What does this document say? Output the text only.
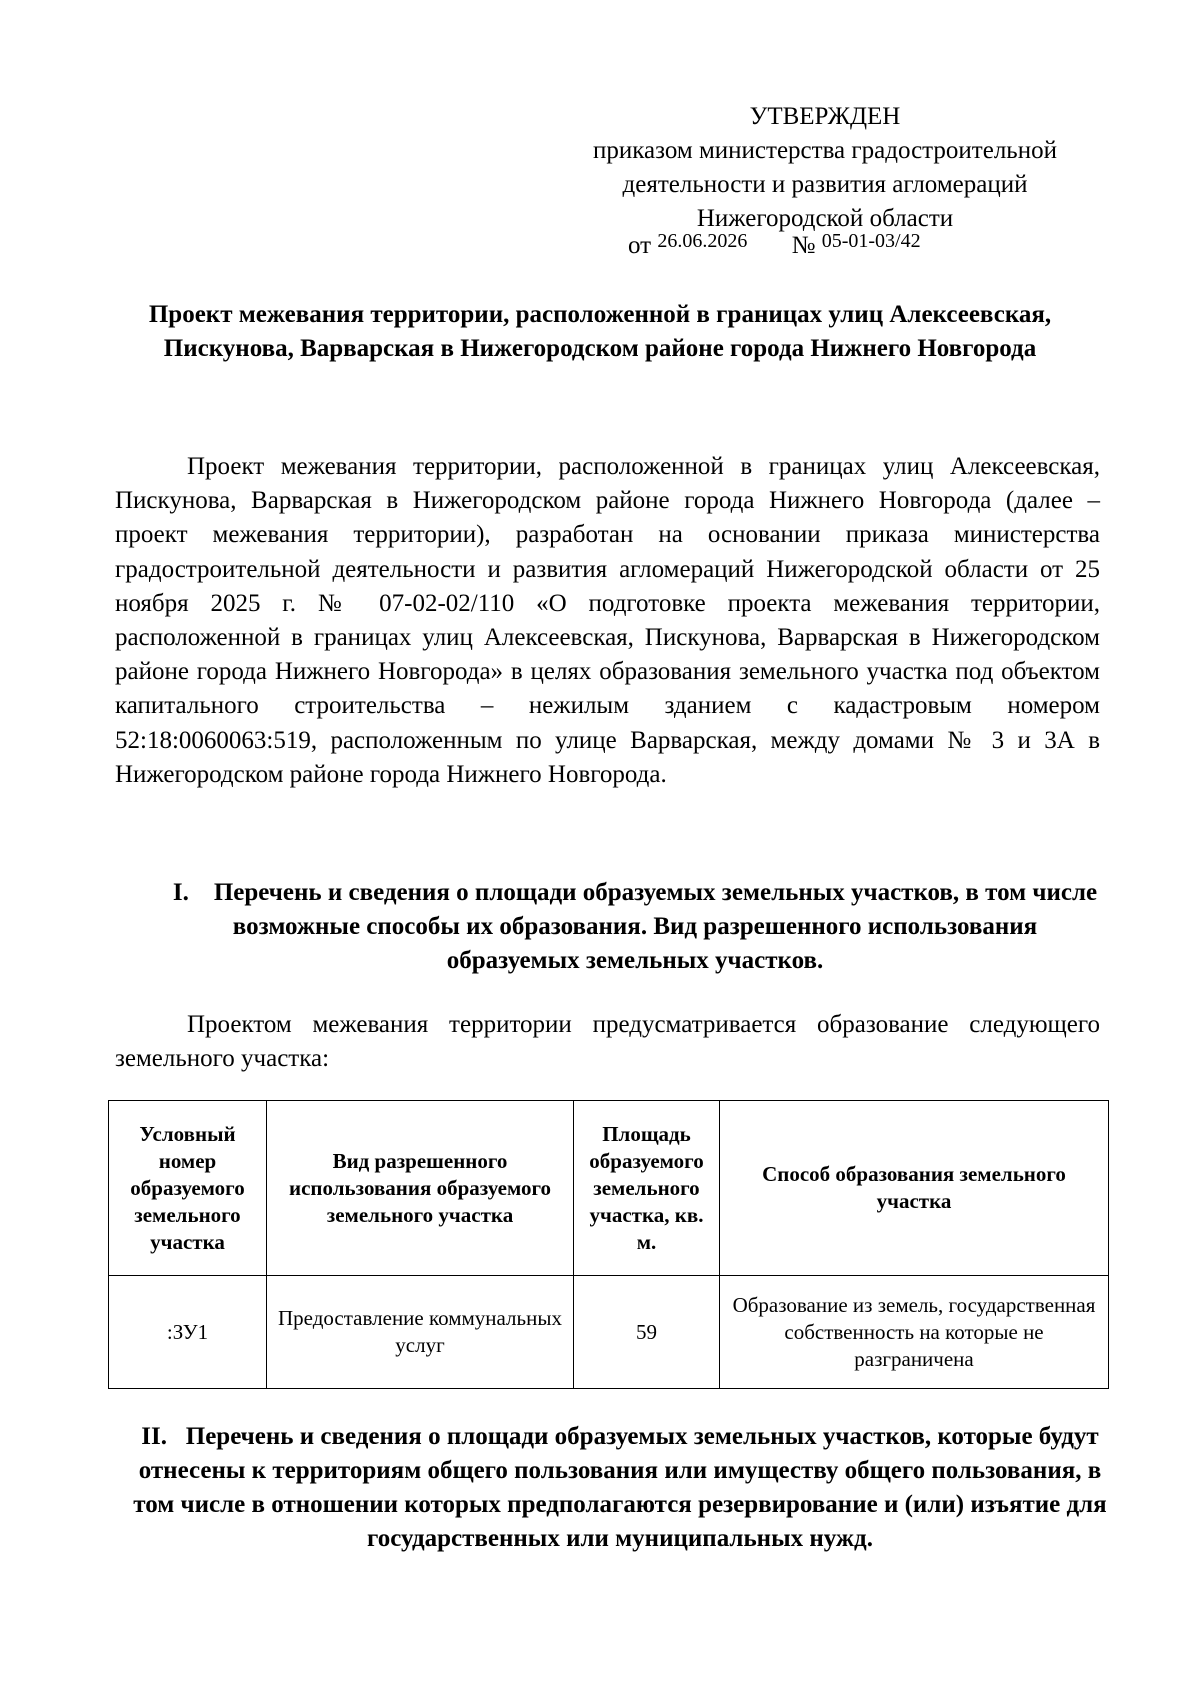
УТВЕРЖДЕН
приказом министерства градостроительной
деятельности и развития агломераций
Нижегородской области
от $^{26.06.2026}$ № $^{05-01-03/42}$
Проект межевания территории, расположенной в границах улиц Алексеевская, Пискунова, Варварская в Нижегородском районе города Нижнего Новгорода

Проект межевания территории, расположенной в границах улиц Алексеевская, Пискунова, Варварская в Нижегородском районе города Нижнего Новгорода (далее – проект межевания территории), разработан на основании приказа министерства градостроительной деятельности и развития агломераций Нижегородской области от 25 ноября 2025 г. № 07-02-02/110 «О подготовке проекта межевания территории, расположенной в границах улиц Алексеевская, Пискунова, Варварская в Нижегородском районе города Нижнего Новгорода» в целях образования земельного участка под объектом капитального строительства – нежилым зданием с кадастровым номером 52:18:0060063:519, расположенным по улице Варварская, между домами № 3 и 3А в Нижегородском районе города Нижнего Новгорода.

I. Перечень и сведения о площади образуемых земельных участков, в том числе возможные способы их образования. Вид разрешенного использования образуемых земельных участков.

Проектом межевания территории предусматривается образование следующего земельного участка:

Условный номер образуемого земельного участка	Вид разрешенного использования образуемого земельного участка	Площадь образуемого земельного участка, кв. м.	Способ образования земельного участка
:ЗУ1	Предоставление коммунальных услуг	59	Образование из земель, государственная собственность на которые не разграничена
II. Перечень и сведения о площади образуемых земельных участков, которые будут отнесены к территориям общего пользования или имуществу общего пользования, в том числе в отношении которых предполагаются резервирование и (или) изъятие для государственных или муниципальных нужд.
